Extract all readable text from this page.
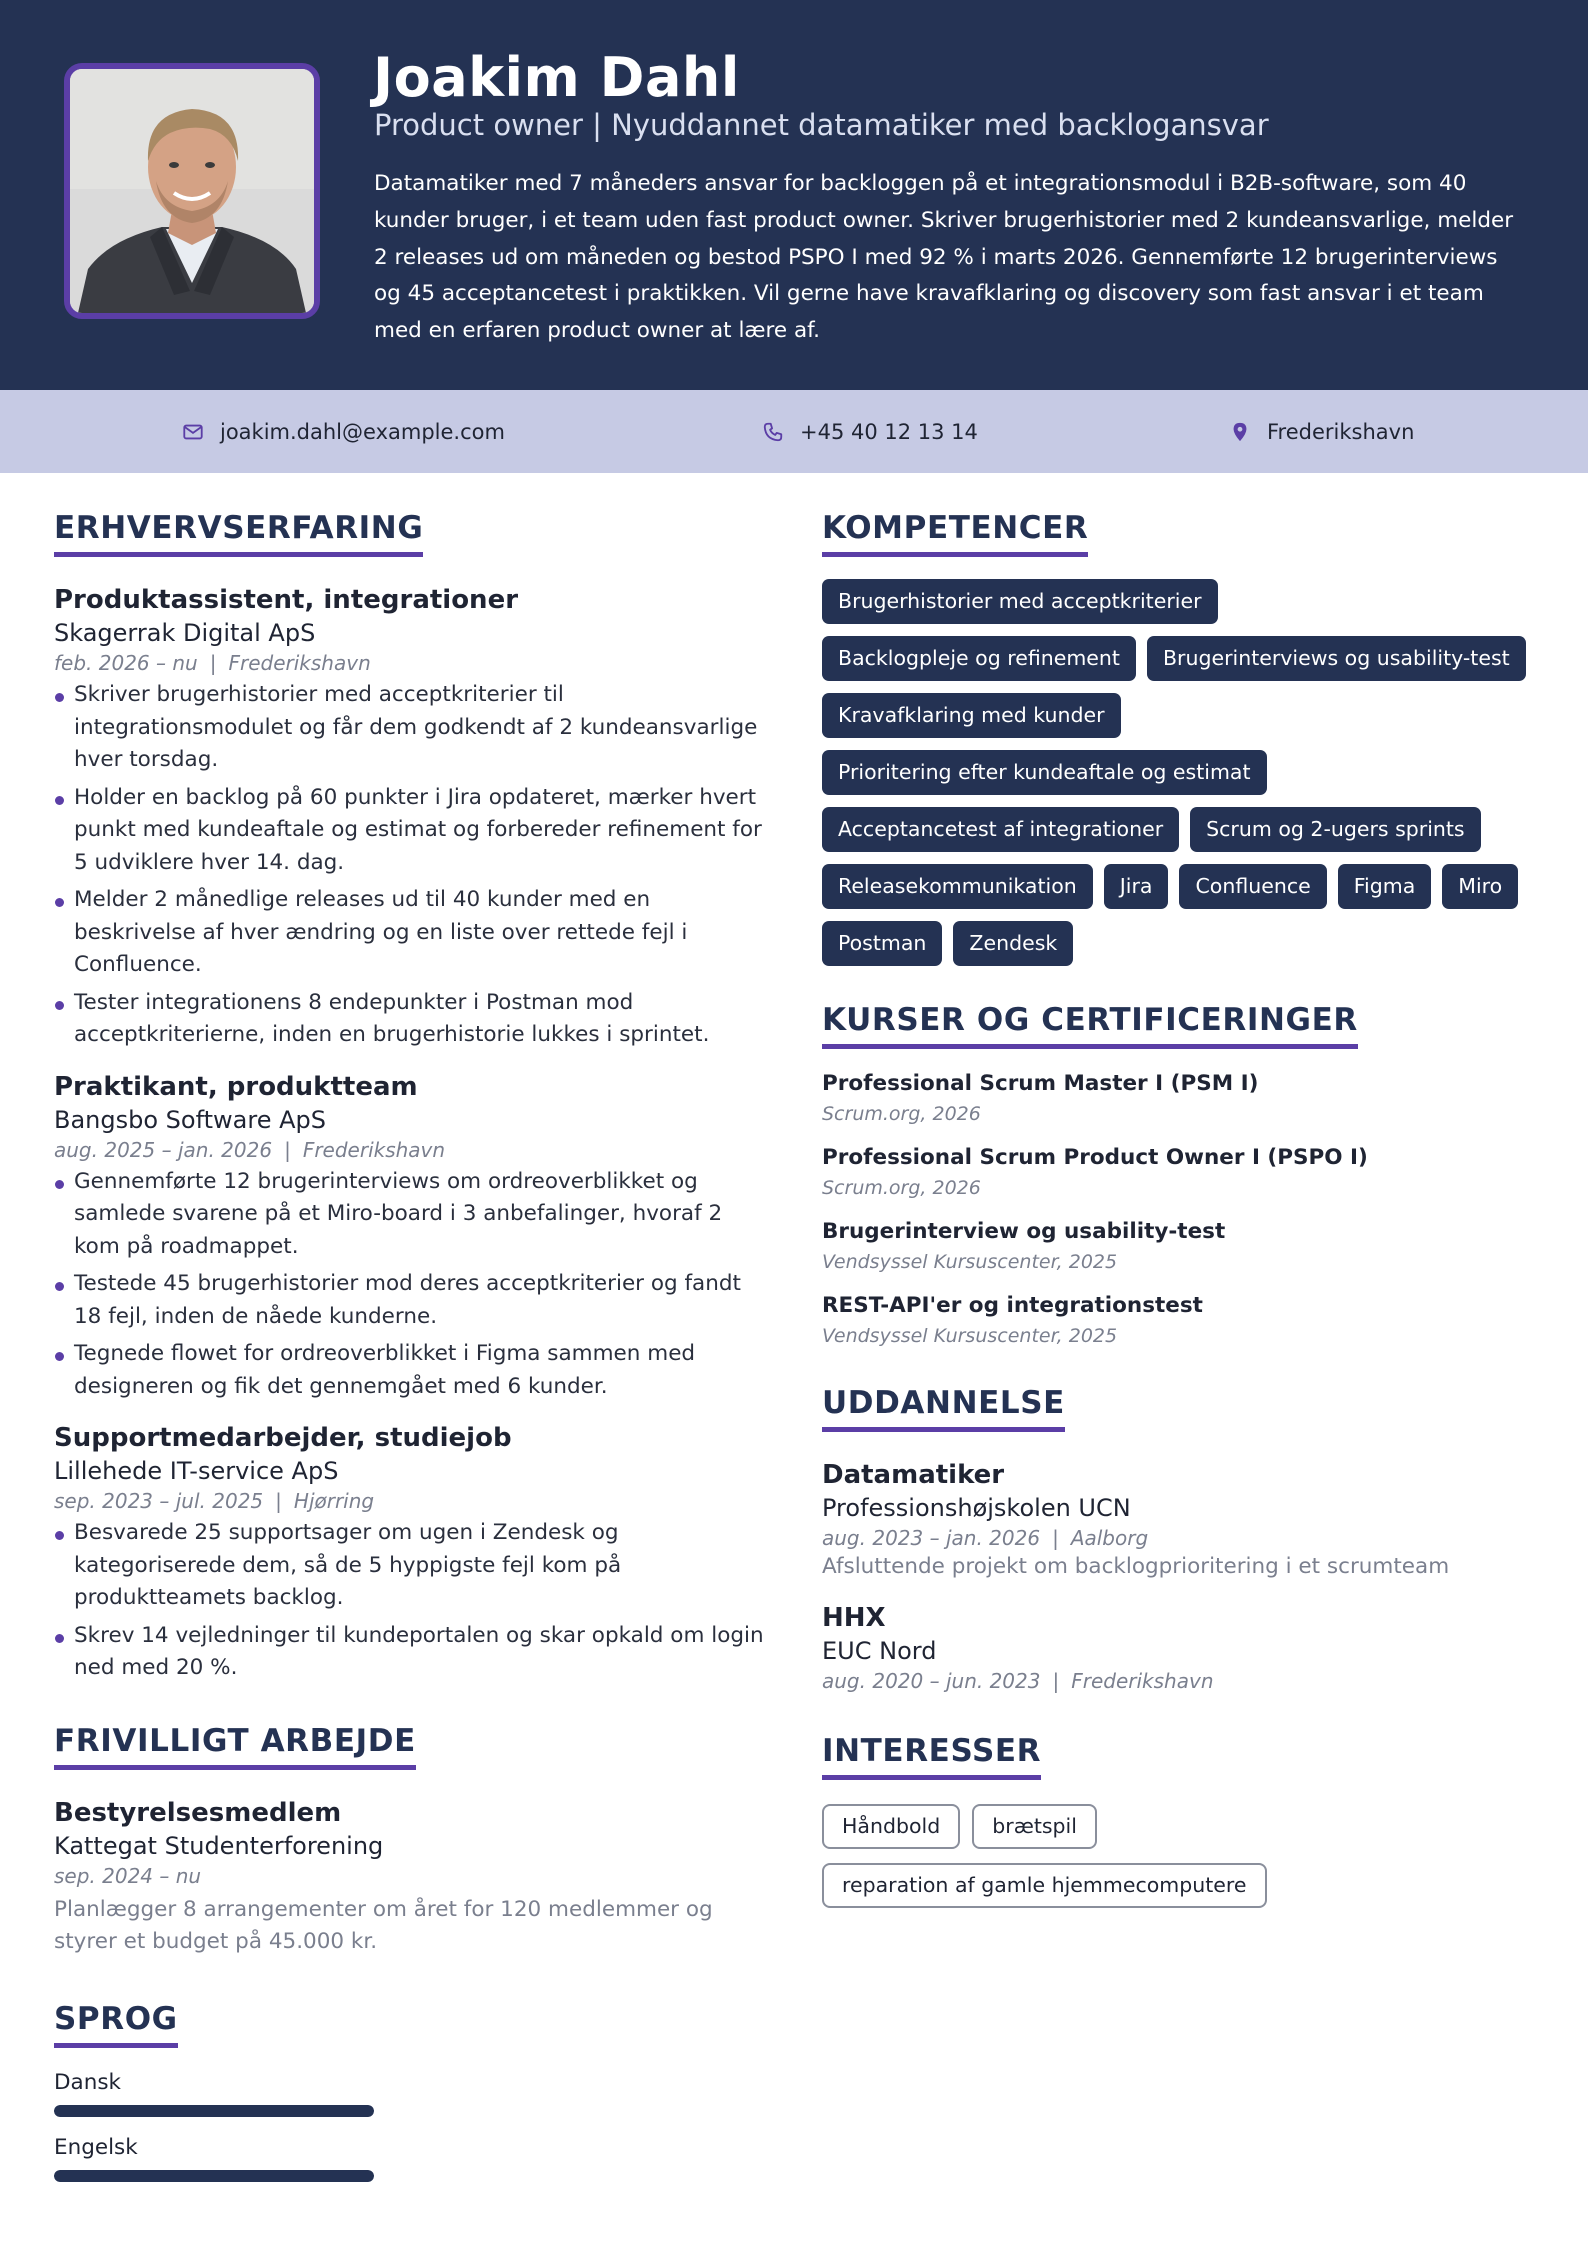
Joakim Dahl
Product owner | Nyuddannet datamatiker med backlogansvar
Datamatiker med 7 måneders ansvar for backloggen på et integrationsmodul i B2B-software, som 40 kunder bruger, i et team uden fast product owner. Skriver brugerhistorier med 2 kundeansvarlige, melder 2 releases ud om måneden og bestod PSPO I med 92 % i marts 2026. Gennemførte 12 brugerinterviews og 45 acceptancetest i praktikken. Vil gerne have kravafklaring og discovery som fast ansvar i et team med en erfaren product owner at lære af.
joakim.dahl@example.com	+45 40 12 13 14	Frederikshavn
ERHVERVSERFARING
Produktassistent, integrationer
Skagerrak Digital ApS
feb. 2026 – nu | Frederikshavn
Skriver brugerhistorier med acceptkriterier til integrationsmodulet og får dem godkendt af 2 kundeansvarlige hver torsdag.
Holder en backlog på 60 punkter i Jira opdateret, mærker hvert punkt med kundeaftale og estimat og forbereder refinement for 5 udviklere hver 14. dag.
Melder 2 månedlige releases ud til 40 kunder med en beskrivelse af hver ændring og en liste over rettede fejl i Confluence.
Tester integrationens 8 endepunkter i Postman mod acceptkriterierne, inden en brugerhistorie lukkes i sprintet.
Praktikant, produktteam
Bangsbo Software ApS
aug. 2025 – jan. 2026 | Frederikshavn
Gennemførte 12 brugerinterviews om ordreoverblikket og samlede svarene på et Miro-board i 3 anbefalinger, hvoraf 2 kom på roadmappet.
Testede 45 brugerhistorier mod deres acceptkriterier og fandt 18 fejl, inden de nåede kunderne.
Tegnede flowet for ordreoverblikket i Figma sammen med designeren og fik det gennemgået med 6 kunder.
Supportmedarbejder, studiejob
Lillehede IT-service ApS
sep. 2023 – jul. 2025 | Hjørring
Besvarede 25 supportsager om ugen i Zendesk og kategoriserede dem, så de 5 hyppigste fejl kom på produktteamets backlog.
Skrev 14 vejledninger til kundeportalen og skar opkald om login ned med 20 %.
FRIVILLIGT ARBEJDE
Bestyrelsesmedlem
Kattegat Studenterforening
sep. 2024 – nu
Planlægger 8 arrangementer om året for 120 medlemmer og styrer et budget på 45.000 kr.
SPROG
Dansk
Engelsk
KOMPETENCER
Brugerhistorier med acceptkriterier
Backlogpleje og refinement	Brugerinterviews og usability-test
Kravafklaring med kunder
Prioritering efter kundeaftale og estimat
Acceptancetest af integrationer	Scrum og 2-ugers sprints
Releasekommunikation	Jira	Confluence	Figma	Miro
Postman	Zendesk
KURSER OG CERTIFICERINGER
Professional Scrum Master I (PSM I)
Scrum.org, 2026
Professional Scrum Product Owner I (PSPO I)
Scrum.org, 2026
Brugerinterview og usability-test
Vendsyssel Kursuscenter, 2025
REST-API'er og integrationstest
Vendsyssel Kursuscenter, 2025
UDDANNELSE
Datamatiker
Professionshøjskolen UCN
aug. 2023 – jan. 2026 | Aalborg
Afsluttende projekt om backlogprioritering i et scrumteam
HHX
EUC Nord
aug. 2020 – jun. 2023 | Frederikshavn
INTERESSER
Håndbold	brætspil
reparation af gamle hjemmecomputere
